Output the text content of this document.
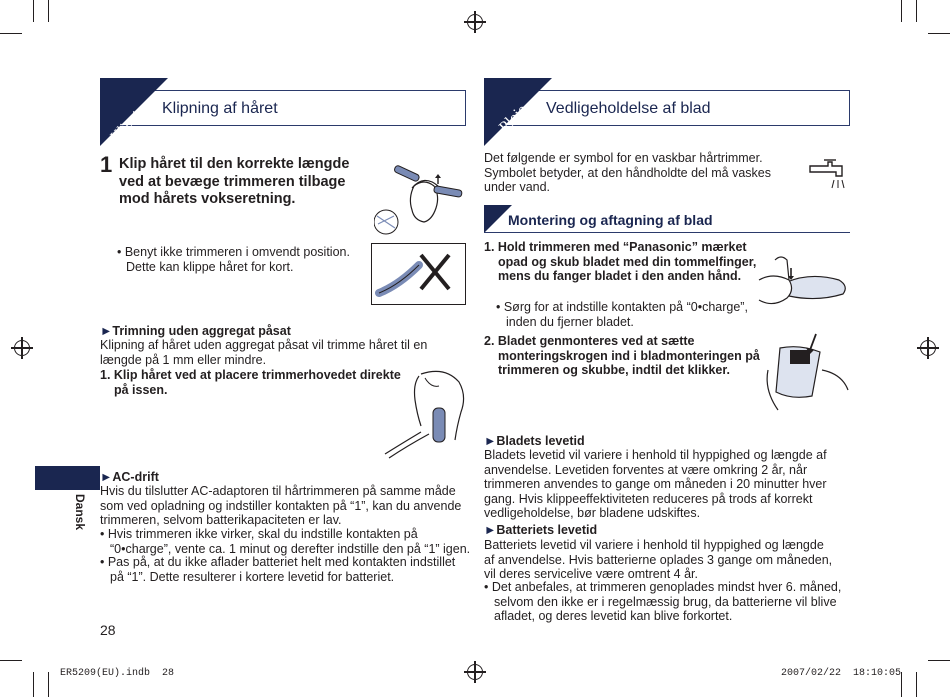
Klipning af håret
Klipning	Vedligeholdelse af blad
Pleje
1 Klip håret til den korrekte længde ved at bevæge trimmeren tilbage mod hårets vokseretning.
• Benyt ikke trimmeren i omvendt position.
Dette kan klippe håret for kort.
►Trimning uden aggregat påsat
Klipning af håret uden aggregat påsat vil trimme håret til en længde på 1 mm eller mindre.
1. Klip håret ved at placere trimmerhovedet direkte på issen.
Dansk
►AC-drift
Hvis du tilslutter AC-adaptoren til hårtrimmeren på samme måde som ved opladning og indstiller kontakten på “1”, kan du anvende trimmeren, selvom batterikapaciteten er lav.
• Hvis trimmeren ikke virker, skal du indstille kontakten på “0•charge”, vente ca. 1 minut og derefter indstille den på “1” igen.
• Pas på, at du ikke aflader batteriet helt med kontakten indstillet på “1”. Dette resulterer i kortere levetid for batteriet.
28
Det følgende er symbol for en vaskbar hårtrimmer. Symbolet betyder, at den håndholdte del må vaskes under vand.
Montering og aftagning af blad
1. Hold trimmeren med “Panasonic” mærket opad og skub bladet med din tommelfinger, mens du fanger bladet i den anden hånd.
• Sørg for at indstille kontakten på “0•charge”, inden du fjerner bladet.
2. Bladet genmonteres ved at sætte monteringskrogen ind i bladmonteringen på trimmeren og skubbe, indtil det klikker.
►Bladets levetid
Bladets levetid vil variere i henhold til hyppighed og længde af anvendelse. Levetiden forventes at være omkring 2 år, når trimmeren anvendes to gange om måneden i 20 minutter hver gang. Hvis klippeeffektiviteten reduceres på trods af korrekt vedligeholdelse, bør bladene udskiftes.
►Batteriets levetid
Batteriets levetid vil variere i henhold til hyppighed og længde af anvendelse. Hvis batterierne oplades 3 gange om måneden, vil deres servicelive være omtrent 4 år.
• Det anbefales, at trimmeren genoplades mindst hver 6. måned, selvom den ikke er i regelmæssig brug, da batterierne vil blive afladet, og deres levetid kan blive forkortet.
ER5209(EU).indb  28	2007/02/22  18:10:05
